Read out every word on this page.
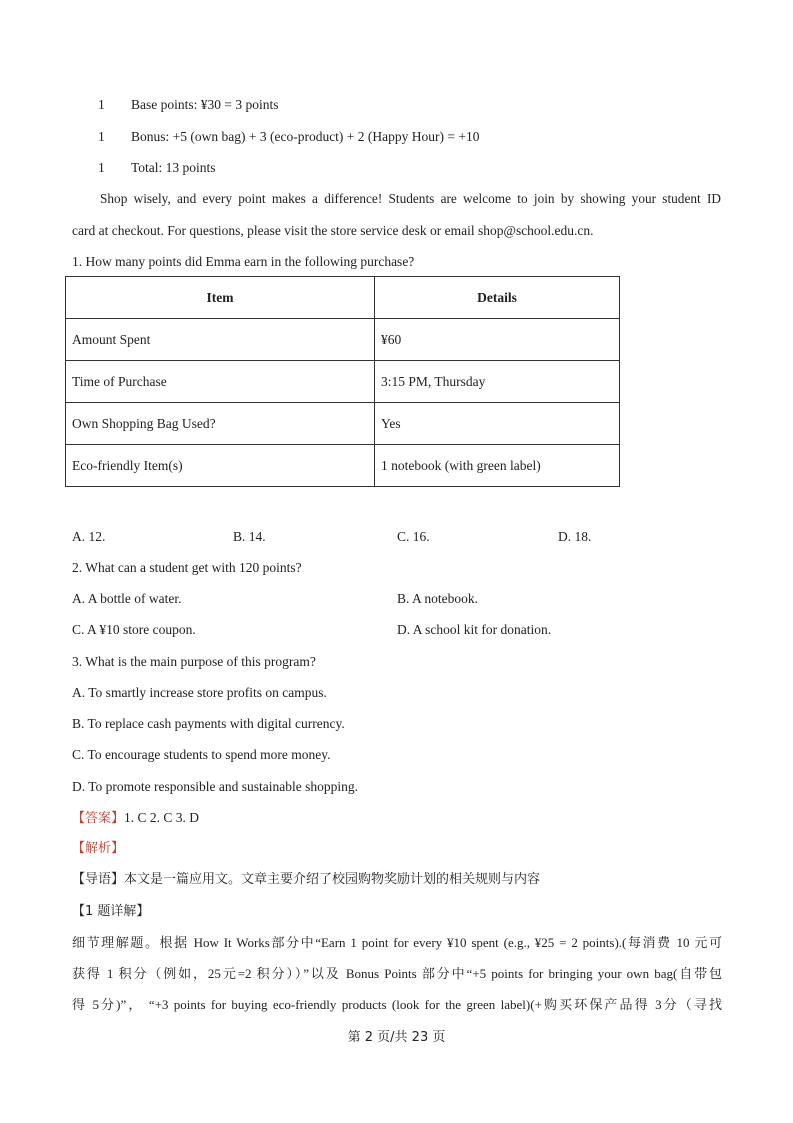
1 Base points: ¥30 = 3 points
1 Bonus: +5 (own bag) + 3 (eco-product) + 2 (Happy Hour) = +10
1 Total: 13 points
Shop wisely, and every point makes a difference! Students are welcome to join by showing your student ID
card at checkout. For questions, please visit the store service desk or email shop@school.edu.cn.
1. How many points did Emma earn in the following purchase?
Item	Details
Amount Spent	¥60
Time of Purchase	3:15 PM, Thursday
Own Shopping Bag Used?	Yes
Eco-friendly Item(s)	1 notebook (with green label)
A. 12.	B. 14.	C. 16.	D. 18.
2. What can a student get with 120 points?
A. A bottle of water.	B. A notebook.
C. A ¥10 store coupon.	D. A school kit for donation.
3. What is the main purpose of this program?
A. To smartly increase store profits on campus.
B. To replace cash payments with digital currency.
C. To encourage students to spend more money.
D. To promote responsible and sustainable shopping.
【答案】1. C 2. C 3. D
【解析】
【导语】本文是一篇应用文。文章主要介绍了校园购物奖励计划的相关规则与内容
【1 题详解】
细节理解题。根据 How It Works部分中“Earn 1 point for every ¥10 spent (e.g., ¥25 = 2 points).(每消费 10 元可
获得 1 积分（例如，25元=2 积分））”以及 Bonus Points 部分中“+5 points for bringing your own bag(自带包
得 5分)”， “+3 points for buying eco-friendly products (look for the green label)(+购买环保产品得 3分（寻找
第 2 页/共 23 页
